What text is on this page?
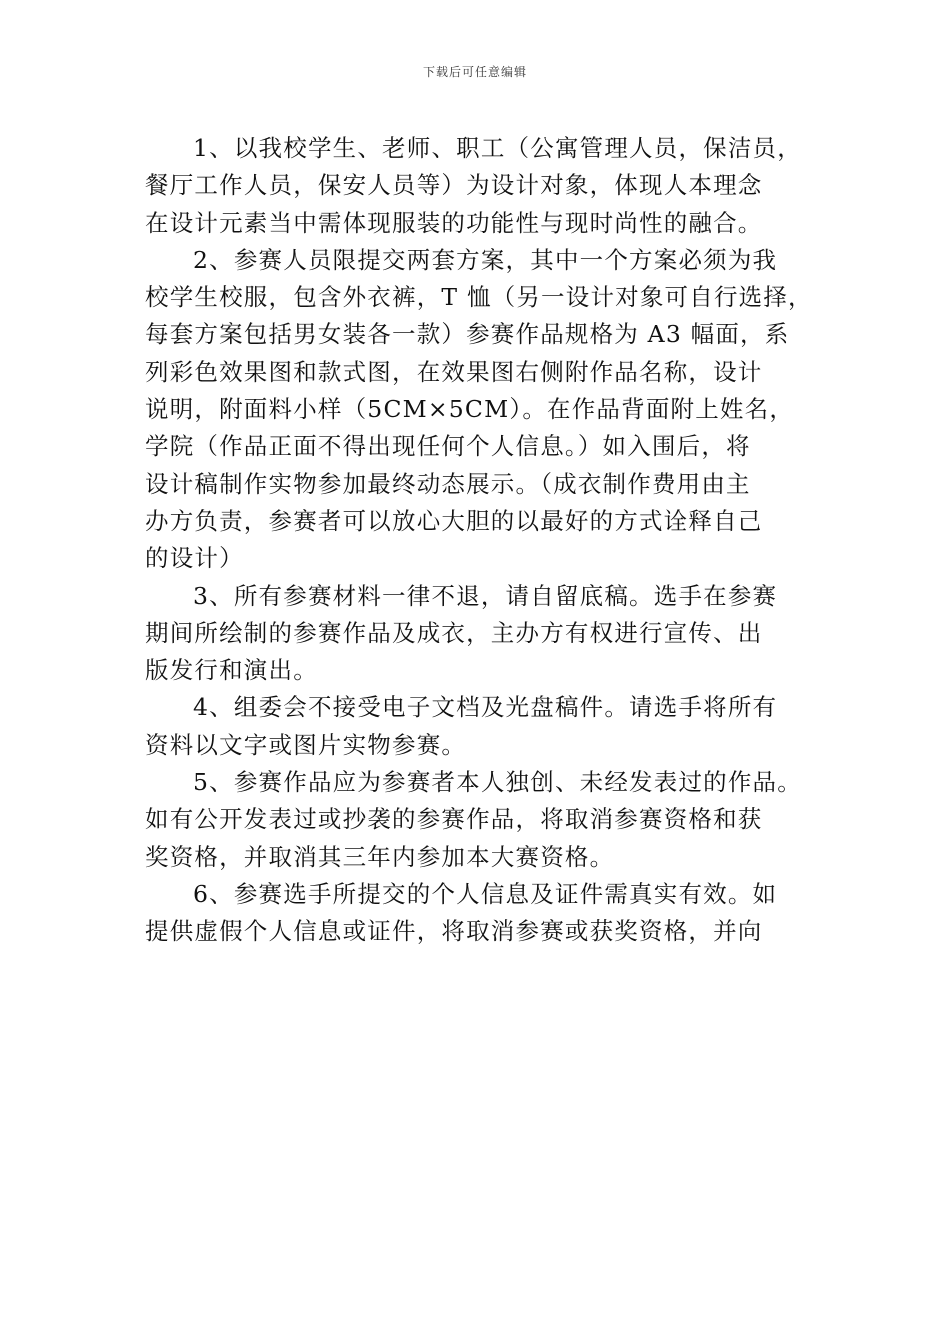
下载后可任意编辑
1、以我校学生、老师、职工（公寓管理人员，保洁员，
餐厅工作人员，保安人员等）为设计对象，体现人本理念
在设计元素当中需体现服装的功能性与现时尚性的融合。
2、参赛人员限提交两套方案，其中一个方案必须为我
校学生校服，包含外衣裤，T 恤（另一设计对象可自行选择，
每套方案包括男女装各一款）参赛作品规格为 A3 幅面，系
列彩色效果图和款式图，在效果图右侧附作品名称，设计
说明，附面料小样（5CM×5CM）。在作品背面附上姓名，
学院（作品正面不得出现任何个人信息。）如入围后，将
设计稿制作实物参加最终动态展示。（成衣制作费用由主
办方负责，参赛者可以放心大胆的以最好的方式诠释自己
的设计）
3、所有参赛材料一律不退，请自留底稿。选手在参赛
期间所绘制的参赛作品及成衣，主办方有权进行宣传、出
版发行和演出。
4、组委会不接受电子文档及光盘稿件。请选手将所有
资料以文字或图片实物参赛。
5、参赛作品应为参赛者本人独创、未经发表过的作品。
如有公开发表过或抄袭的参赛作品，将取消参赛资格和获
奖资格，并取消其三年内参加本大赛资格。
6、参赛选手所提交的个人信息及证件需真实有效。如
提供虚假个人信息或证件，将取消参赛或获奖资格，并向
